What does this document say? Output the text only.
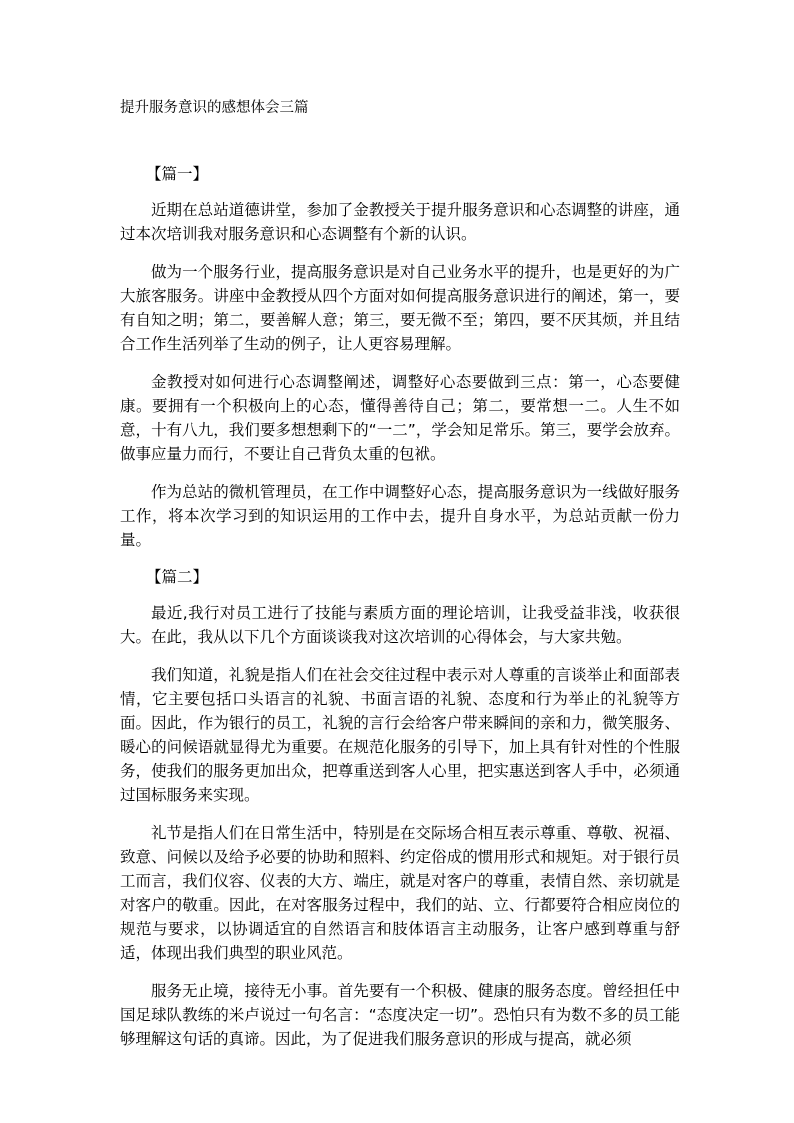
提升服务意识的感想体会三篇

【篇一】

近期在总站道德讲堂，参加了金教授关于提升服务意识和心态调整的讲座，通过本次培训我对服务意识和心态调整有个新的认识。

做为一个服务行业，提高服务意识是对自己业务水平的提升，也是更好的为广大旅客服务。讲座中金教授从四个方面对如何提高服务意识进行的阐述，第一，要有自知之明；第二，要善解人意；第三，要无微不至；第四，要不厌其烦，并且结合工作生活列举了生动的例子，让人更容易理解。

金教授对如何进行心态调整阐述，调整好心态要做到三点：第一，心态要健康。要拥有一个积极向上的心态，懂得善待自己；第二，要常想一二。人生不如意，十有八九，我们要多想想剩下的“一二”，学会知足常乐。第三，要学会放弃。做事应量力而行，不要让自己背负太重的包袱。

作为总站的微机管理员，在工作中调整好心态，提高服务意识为一线做好服务工作，将本次学习到的知识运用的工作中去，提升自身水平，为总站贡献一份力量。

【篇二】

最近,我行对员工进行了技能与素质方面的理论培训，让我受益非浅，收获很大。在此，我从以下几个方面谈谈我对这次培训的心得体会，与大家共勉。

我们知道，礼貌是指人们在社会交往过程中表示对人尊重的言谈举止和面部表情，它主要包括口头语言的礼貌、书面言语的礼貌、态度和行为举止的礼貌等方面。因此，作为银行的员工，礼貌的言行会给客户带来瞬间的亲和力，微笑服务、暖心的问候语就显得尤为重要。在规范化服务的引导下，加上具有针对性的个性服务，使我们的服务更加出众，把尊重送到客人心里，把实惠送到客人手中，必须通过国标服务来实现。

礼节是指人们在日常生活中，特别是在交际场合相互表示尊重、尊敬、祝福、致意、问候以及给予必要的协助和照料、约定俗成的惯用形式和规矩。对于银行员工而言，我们仪容、仪表的大方、端庄，就是对客户的尊重，表情自然、亲切就是对客户的敬重。因此，在对客服务过程中，我们的站、立、行都要符合相应岗位的规范与要求，以协调适宜的自然语言和肢体语言主动服务，让客户感到尊重与舒适，体现出我们典型的职业风范。

服务无止境，接待无小事。首先要有一个积极、健康的服务态度。曾经担任中国足球队教练的米卢说过一句名言：“态度决定一切”。恐怕只有为数不多的员工能够理解这句话的真谛。因此，为了促进我们服务意识的形成与提高，就必须
